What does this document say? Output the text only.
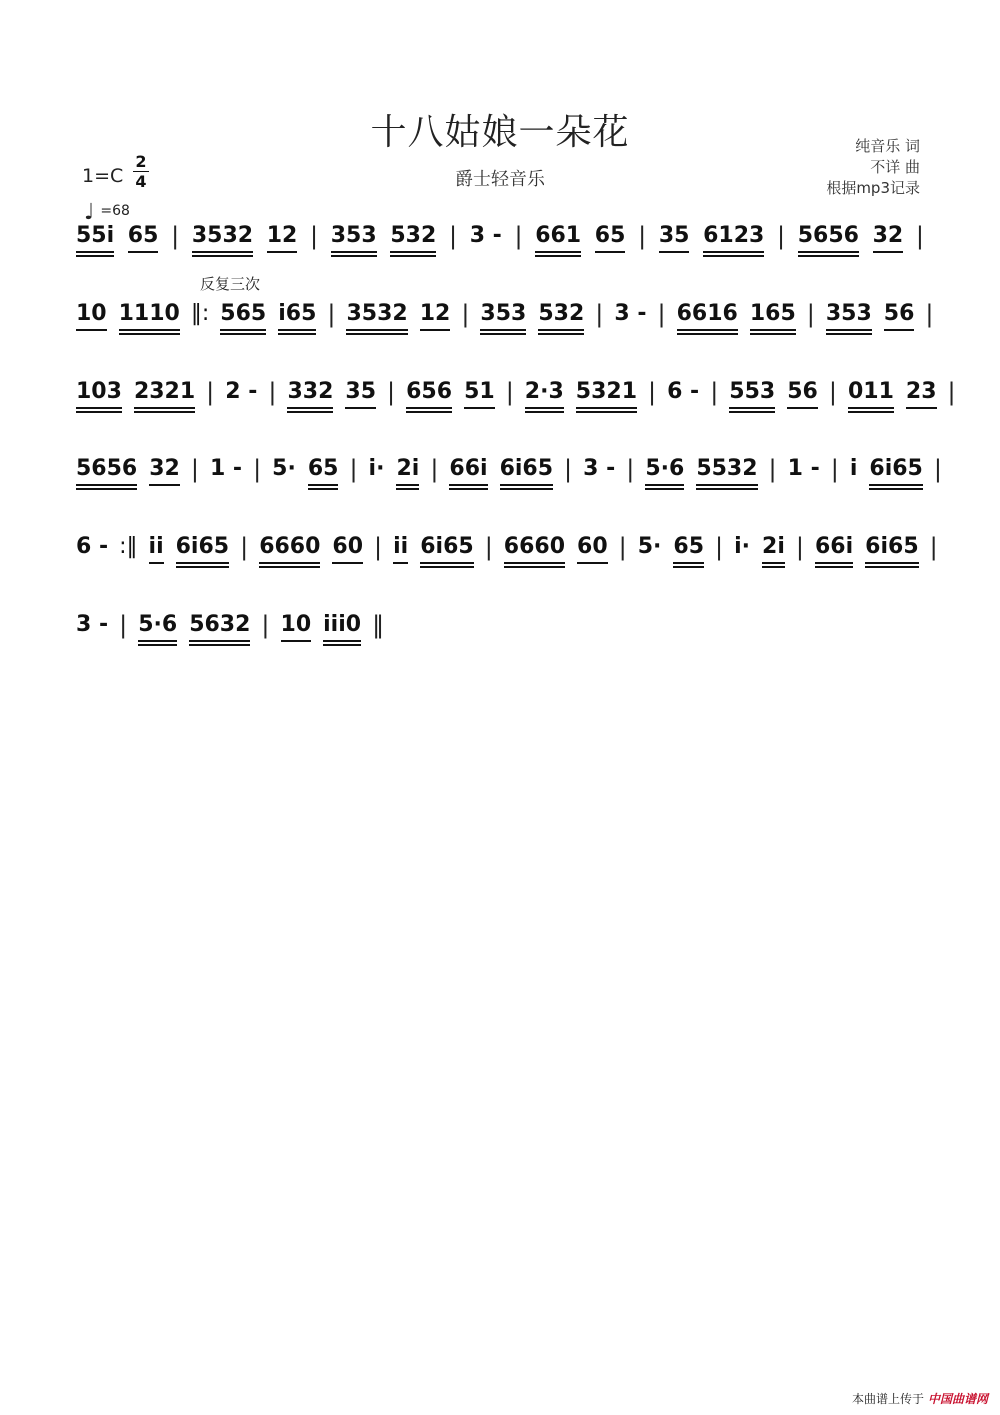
十八姑娘一朵花
爵士轻音乐
纯音乐 词
不详 曲
根据mp3记录
1=C
2
4
♩ =68
反复三次
55i 65 | 3532 12 | 353 532 | 3 - | 661 65 | 35 6123 | 5656 32 |
10 1110 ‖: 565 i65 | 3532 12 | 353 532 | 3 - | 6616 165 | 353 56 |
103 2321 | 2 - | 332 35 | 656 51 | 2·3 5321 | 6 - | 553 56 | 011 23 |
5656 32 | 1 - | 5· 65 | i· 2i | 66i 6i65 | 3 - | 5·6 5532 | 1 - | i 6i65 |
6 - :‖ ii 6i65 | 6660 60 | ii 6i65 | 6660 60 | 5· 65 | i· 2i | 66i 6i65 |
3 - | 5·6 5632 | 10 iii0 ‖
本曲谱上传于 中国曲谱网
